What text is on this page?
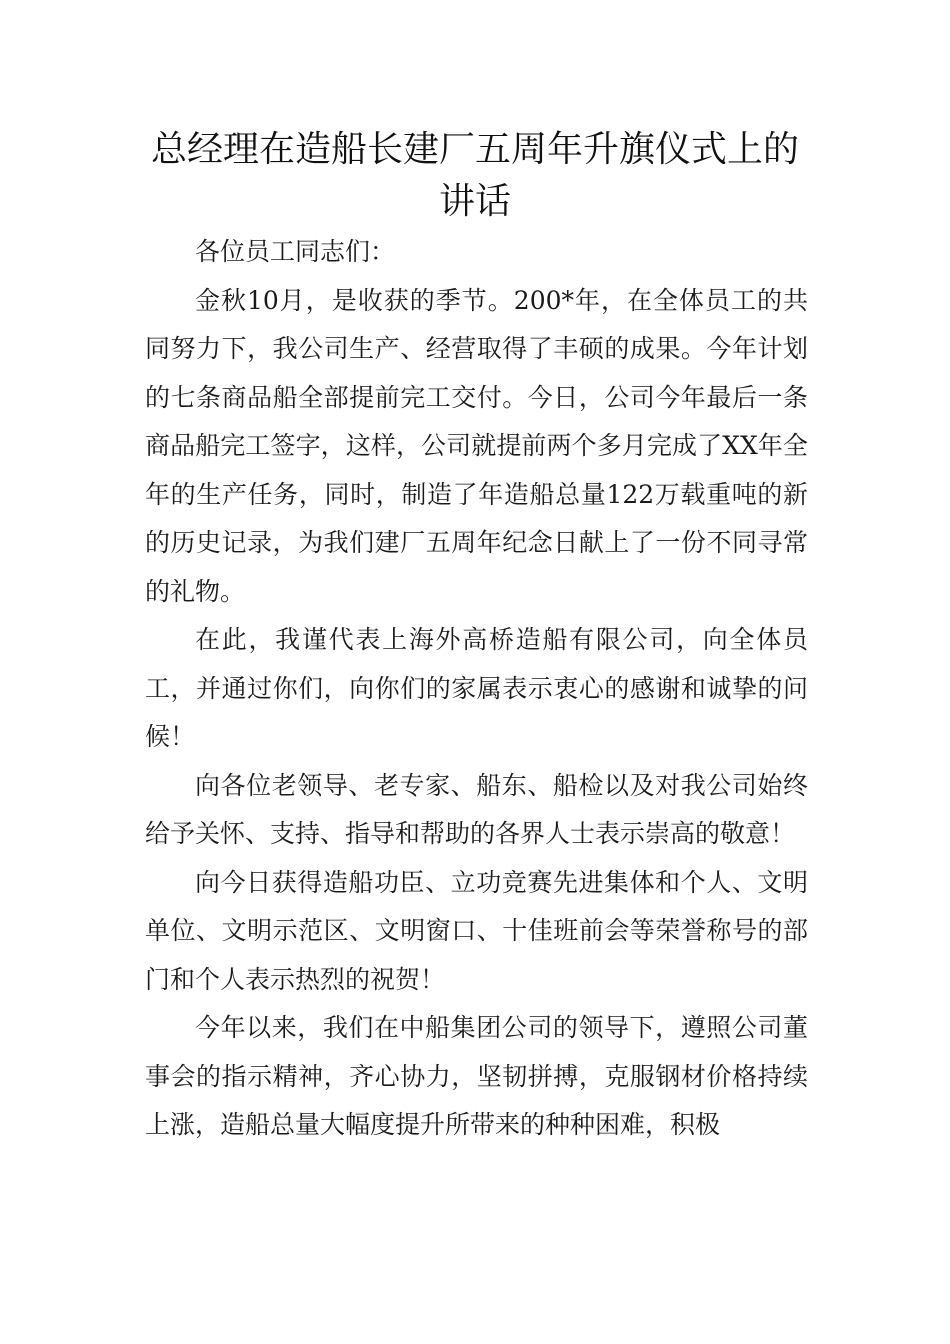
总经理在造船长建厂五周年升旗仪式上的讲话

各位员工同志们：

金秋10月，是收获的季节。200*年，在全体员工的共同努力下，我公司生产、经营取得了丰硕的成果。今年计划的七条商品船全部提前完工交付。今日，公司今年最后一条商品船完工签字，这样，公司就提前两个多月完成了XX年全年的生产任务，同时，制造了年造船总量122万载重吨的新的历史记录，为我们建厂五周年纪念日献上了一份不同寻常的礼物。

在此，我谨代表上海外高桥造船有限公司，向全体员工，并通过你们，向你们的家属表示衷心的感谢和诚挚的问候！

向各位老领导、老专家、船东、船检以及对我公司始终给予关怀、支持、指导和帮助的各界人士表示崇高的敬意！

向今日获得造船功臣、立功竞赛先进集体和个人、文明单位、文明示范区、文明窗口、十佳班前会等荣誉称号的部门和个人表示热烈的祝贺！

今年以来，我们在中船集团公司的领导下，遵照公司董事会的指示精神，齐心协力，坚韧拼搏，克服钢材价格持续上涨，造船总量大幅度提升所带来的种种困难，积极
